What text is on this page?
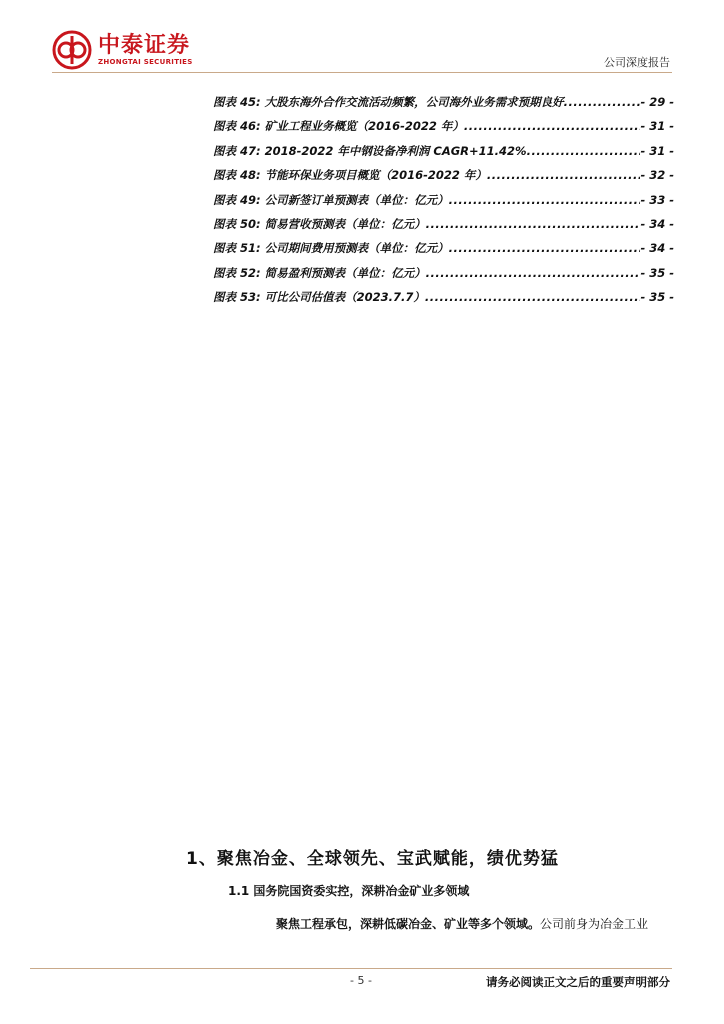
中泰证券
ZHONGTAI SECURITIES	公司深度报告
图表 45: 大股东海外合作交流活动频繁，公司海外业务需求预期良好 .....	- 29 -
图表 46: 矿业工程业务概览（2016-2022 年） .....	- 31 -
图表 47: 2018-2022 年中钢设备净利润 CAGR+11.42% .....	- 31 -
图表 48: 节能环保业务项目概览（2016-2022 年） .....	- 32 -
图表 49: 公司新签订单预测表（单位：亿元） .....	- 33 -
图表 50: 简易营收预测表（单位：亿元） .....	- 34 -
图表 51: 公司期间费用预测表（单位：亿元） .....	- 34 -
图表 52: 简易盈利预测表（单位：亿元） .....	- 35 -
图表 53: 可比公司估值表（2023.7.7） .....	- 35 -
1、聚焦冶金、全球领先、宝武赋能，绩优势猛
1.1 国务院国资委实控，深耕冶金矿业多领域
聚焦工程承包，深耕低碳冶金、矿业等多个领域。公司前身为冶金工业
- 5 -	请务必阅读正文之后的重要声明部分
